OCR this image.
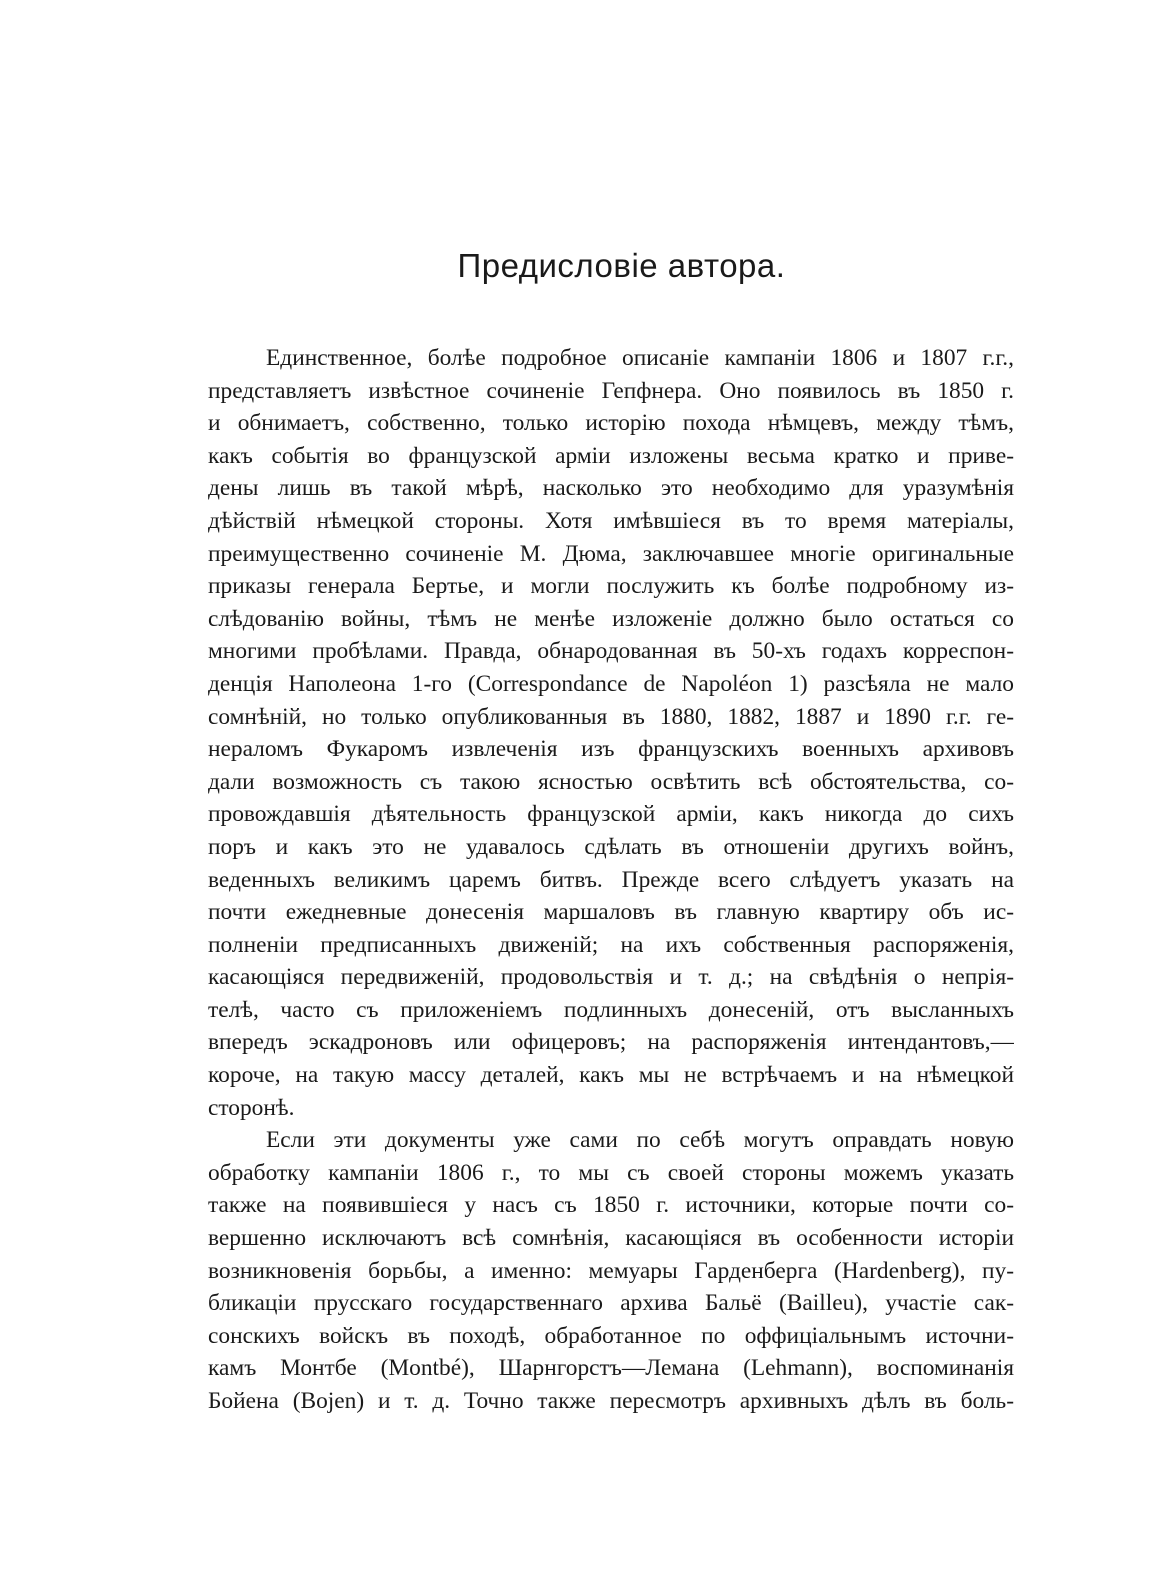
Предисловіе автора.
Единственное, болѣе подробное описаніе кампаніи 1806 и 1807 г.г.,
представляетъ извѣстное сочиненіе Гепфнера. Оно появилось въ 1850 г.
и обнимаетъ, собственно, только исторію похода нѣмцевъ, между тѣмъ,
какъ событія во французской арміи изложены весьма кратко и приве-
дены лишь въ такой мѣрѣ, насколько это необходимо для уразумѣнія
дѣйствій нѣмецкой стороны. Хотя имѣвшіеся въ то время матеріалы,
преимущественно сочиненіе М. Дюма, заключавшее многіе оригинальные
приказы генерала Бертье, и могли послужить къ болѣе подробному из-
слѣдованію войны, тѣмъ не менѣе изложеніе должно было остаться со
многими пробѣлами. Правда, обнародованная въ 50-хъ годахъ корреспон-
денція Наполеона 1-го (Correspondance de Napoléon 1) разсѣяла не мало
сомнѣній, но только опубликованныя въ 1880, 1882, 1887 и 1890 г.г. ге-
нераломъ Фукаромъ извлеченія изъ французскихъ военныхъ архивовъ
дали возможность съ такою ясностью освѣтить всѣ обстоятельства, со-
провождавшія дѣятельность французской арміи, какъ никогда до сихъ
поръ и какъ это не удавалось сдѣлать въ отношеніи другихъ войнъ,
веденныхъ великимъ царемъ битвъ. Прежде всего слѣдуетъ указать на
почти ежедневные донесенія маршаловъ въ главную квартиру объ ис-
полненіи предписанныхъ движеній; на ихъ собственныя распоряженія,
касающіяся передвиженій, продовольствія и т. д.; на свѣдѣнія о непрія-
телѣ, часто съ приложеніемъ подлинныхъ донесеній, отъ высланныхъ
впередъ эскадроновъ или офицеровъ; на распоряженія интендантовъ,—
короче, на такую массу деталей, какъ мы не встрѣчаемъ и на нѣмецкой
сторонѣ.
Если эти документы уже сами по себѣ могутъ оправдать новую
обработку кампаніи 1806 г., то мы съ своей стороны можемъ указать
также на появившіеся у насъ съ 1850 г. источники, которые почти со-
вершенно исключаютъ всѣ сомнѣнія, касающіяся въ особенности исторіи
возникновенія борьбы, а именно: мемуары Гарденберга (Hardenberg), пу-
бликаціи прусскаго государственнаго архива Бальё (Bailleu), участіе сак-
сонскихъ войскъ въ походѣ, обработанное по оффиціальнымъ источни-
камъ Монтбе (Montbé), Шарнгорстъ—Лемана (Lehmann), воспоминанія
Бойена (Bojen) и т. д. Точно также пересмотръ архивныхъ дѣлъ въ боль-
